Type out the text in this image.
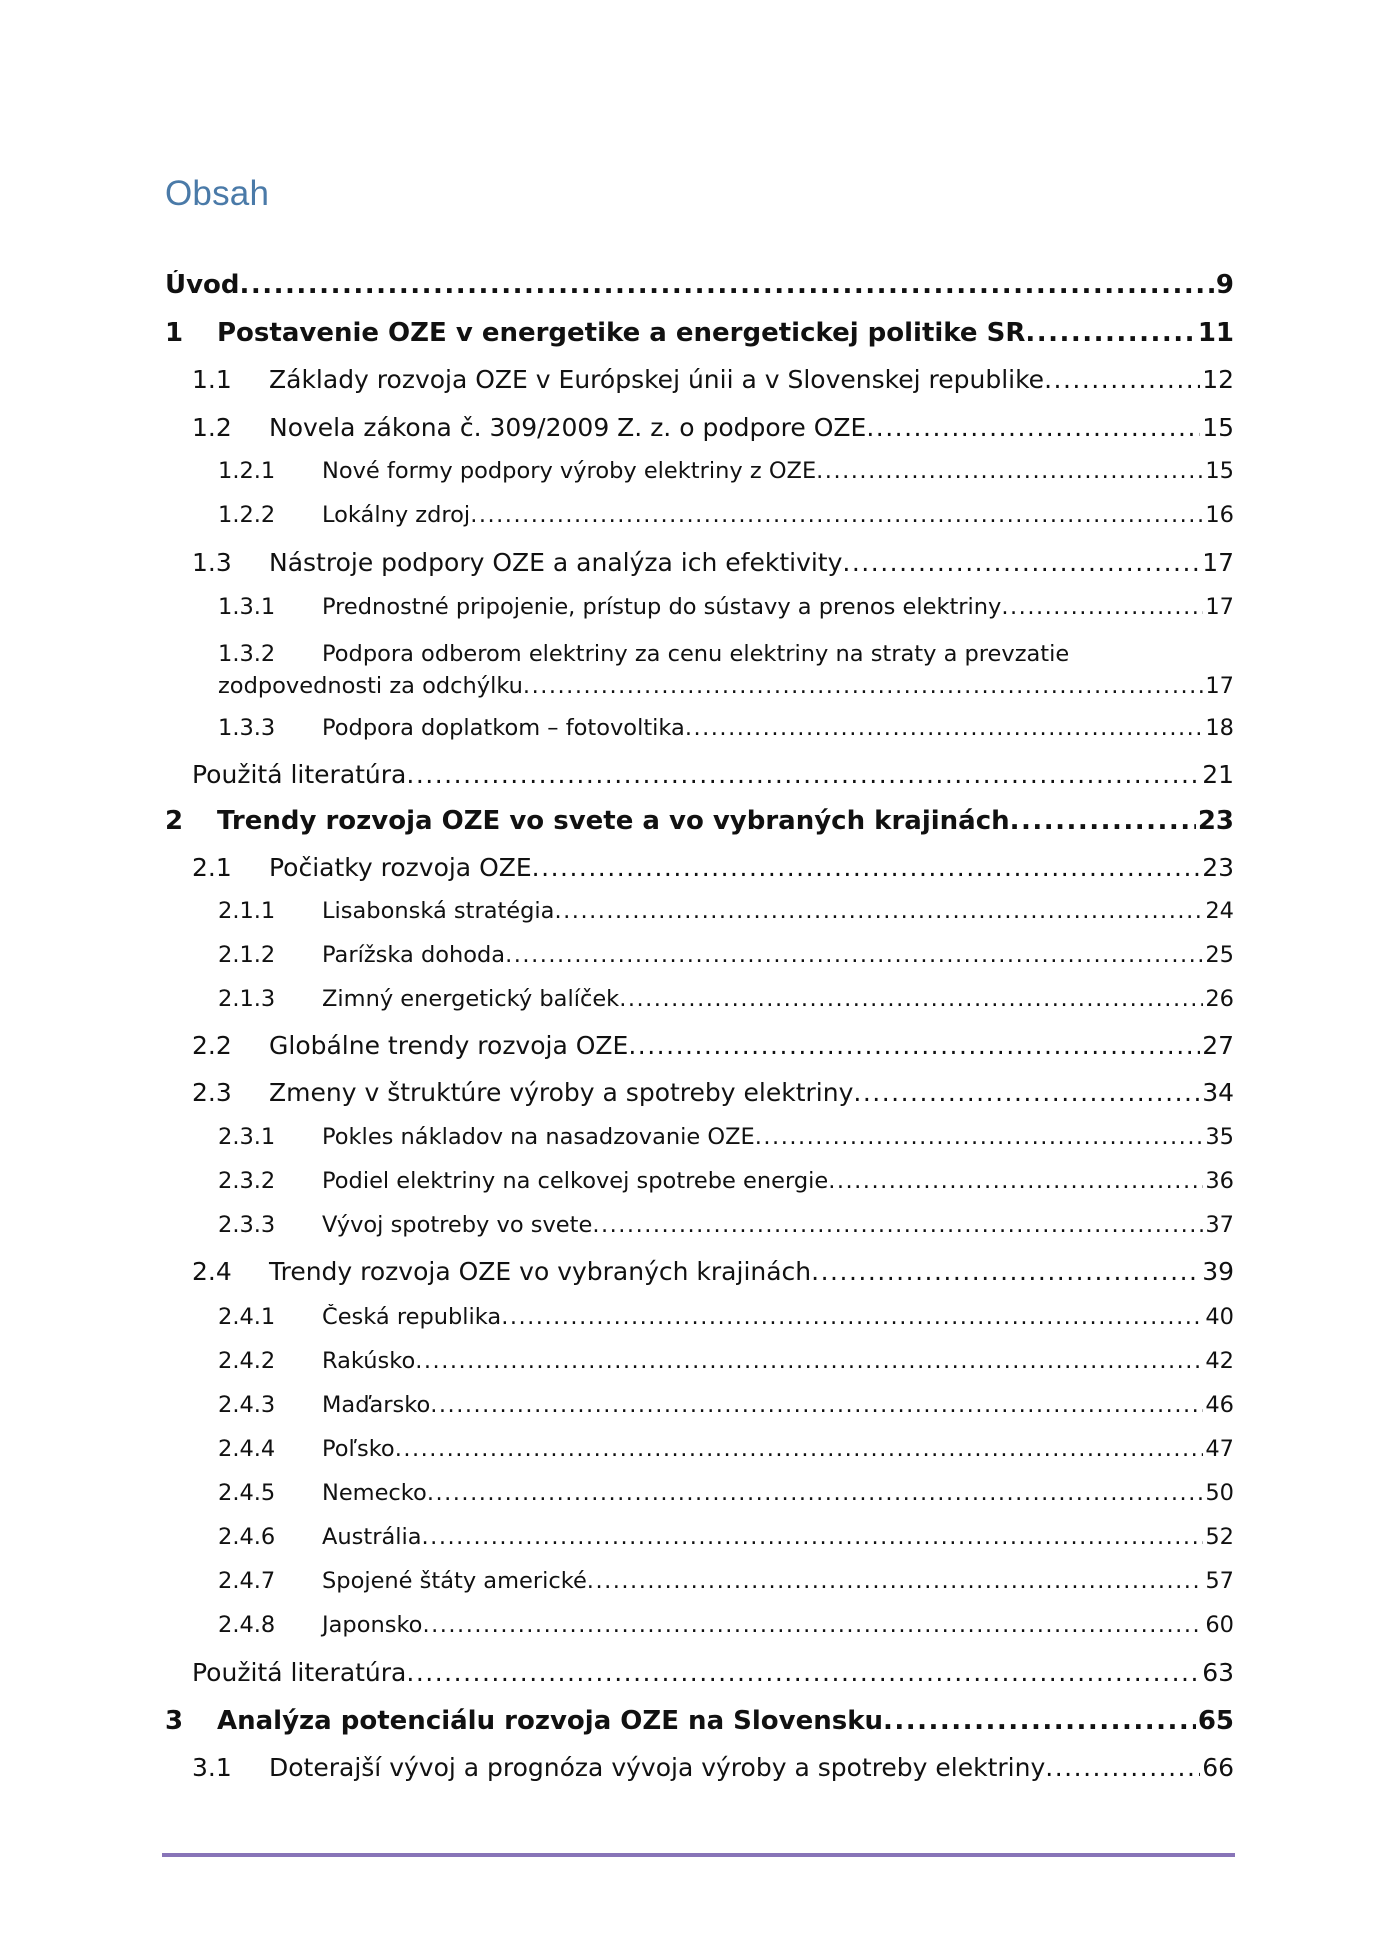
Obsah
Úvod .....	9
1	Postavenie OZE v energetike a energetickej politike SR .....	11
1.1	Základy rozvoja OZE v Európskej únii a v Slovenskej republike .....	12
1.2	Novela zákona č. 309/2009 Z. z. o podpore OZE .....	15
1.2.1	Nové formy podpory výroby elektriny z OZE .....	15
1.2.2	Lokálny zdroj .....	16
1.3	Nástroje podpory OZE a analýza ich efektivity .....	17
1.3.1	Prednostné pripojenie, prístup do sústavy a prenos elektriny .....	17
1.3.2 Podpora odberom elektriny za cenu elektriny na straty a prevzatie
zodpovednosti za odchýlku .....	17
1.3.3	Podpora doplatkom – fotovoltika .....	18
Použitá literatúra .....	21
2	Trendy rozvoja OZE vo svete a vo vybraných krajinách .....	23
2.1	Počiatky rozvoja OZE .....	23
2.1.1	Lisabonská stratégia .....	24
2.1.2	Parížska dohoda .....	25
2.1.3	Zimný energetický balíček .....	26
2.2	Globálne trendy rozvoja OZE .....	27
2.3	Zmeny v štruktúre výroby a spotreby elektriny .....	34
2.3.1	Pokles nákladov na nasadzovanie OZE .....	35
2.3.2	Podiel elektriny na celkovej spotrebe energie .....	36
2.3.3	Vývoj spotreby vo svete .....	37
2.4	Trendy rozvoja OZE vo vybraných krajinách .....	39
2.4.1	Česká republika .....	40
2.4.2	Rakúsko .....	42
2.4.3	Maďarsko .....	46
2.4.4	Poľsko .....	47
2.4.5	Nemecko .....	50
2.4.6	Austrália .....	52
2.4.7	Spojené štáty americké .....	57
2.4.8	Japonsko .....	60
Použitá literatúra .....	63
3	Analýza potenciálu rozvoja OZE na Slovensku .....	65
3.1	Doterajší vývoj a prognóza vývoja výroby a spotreby elektriny .....	66
